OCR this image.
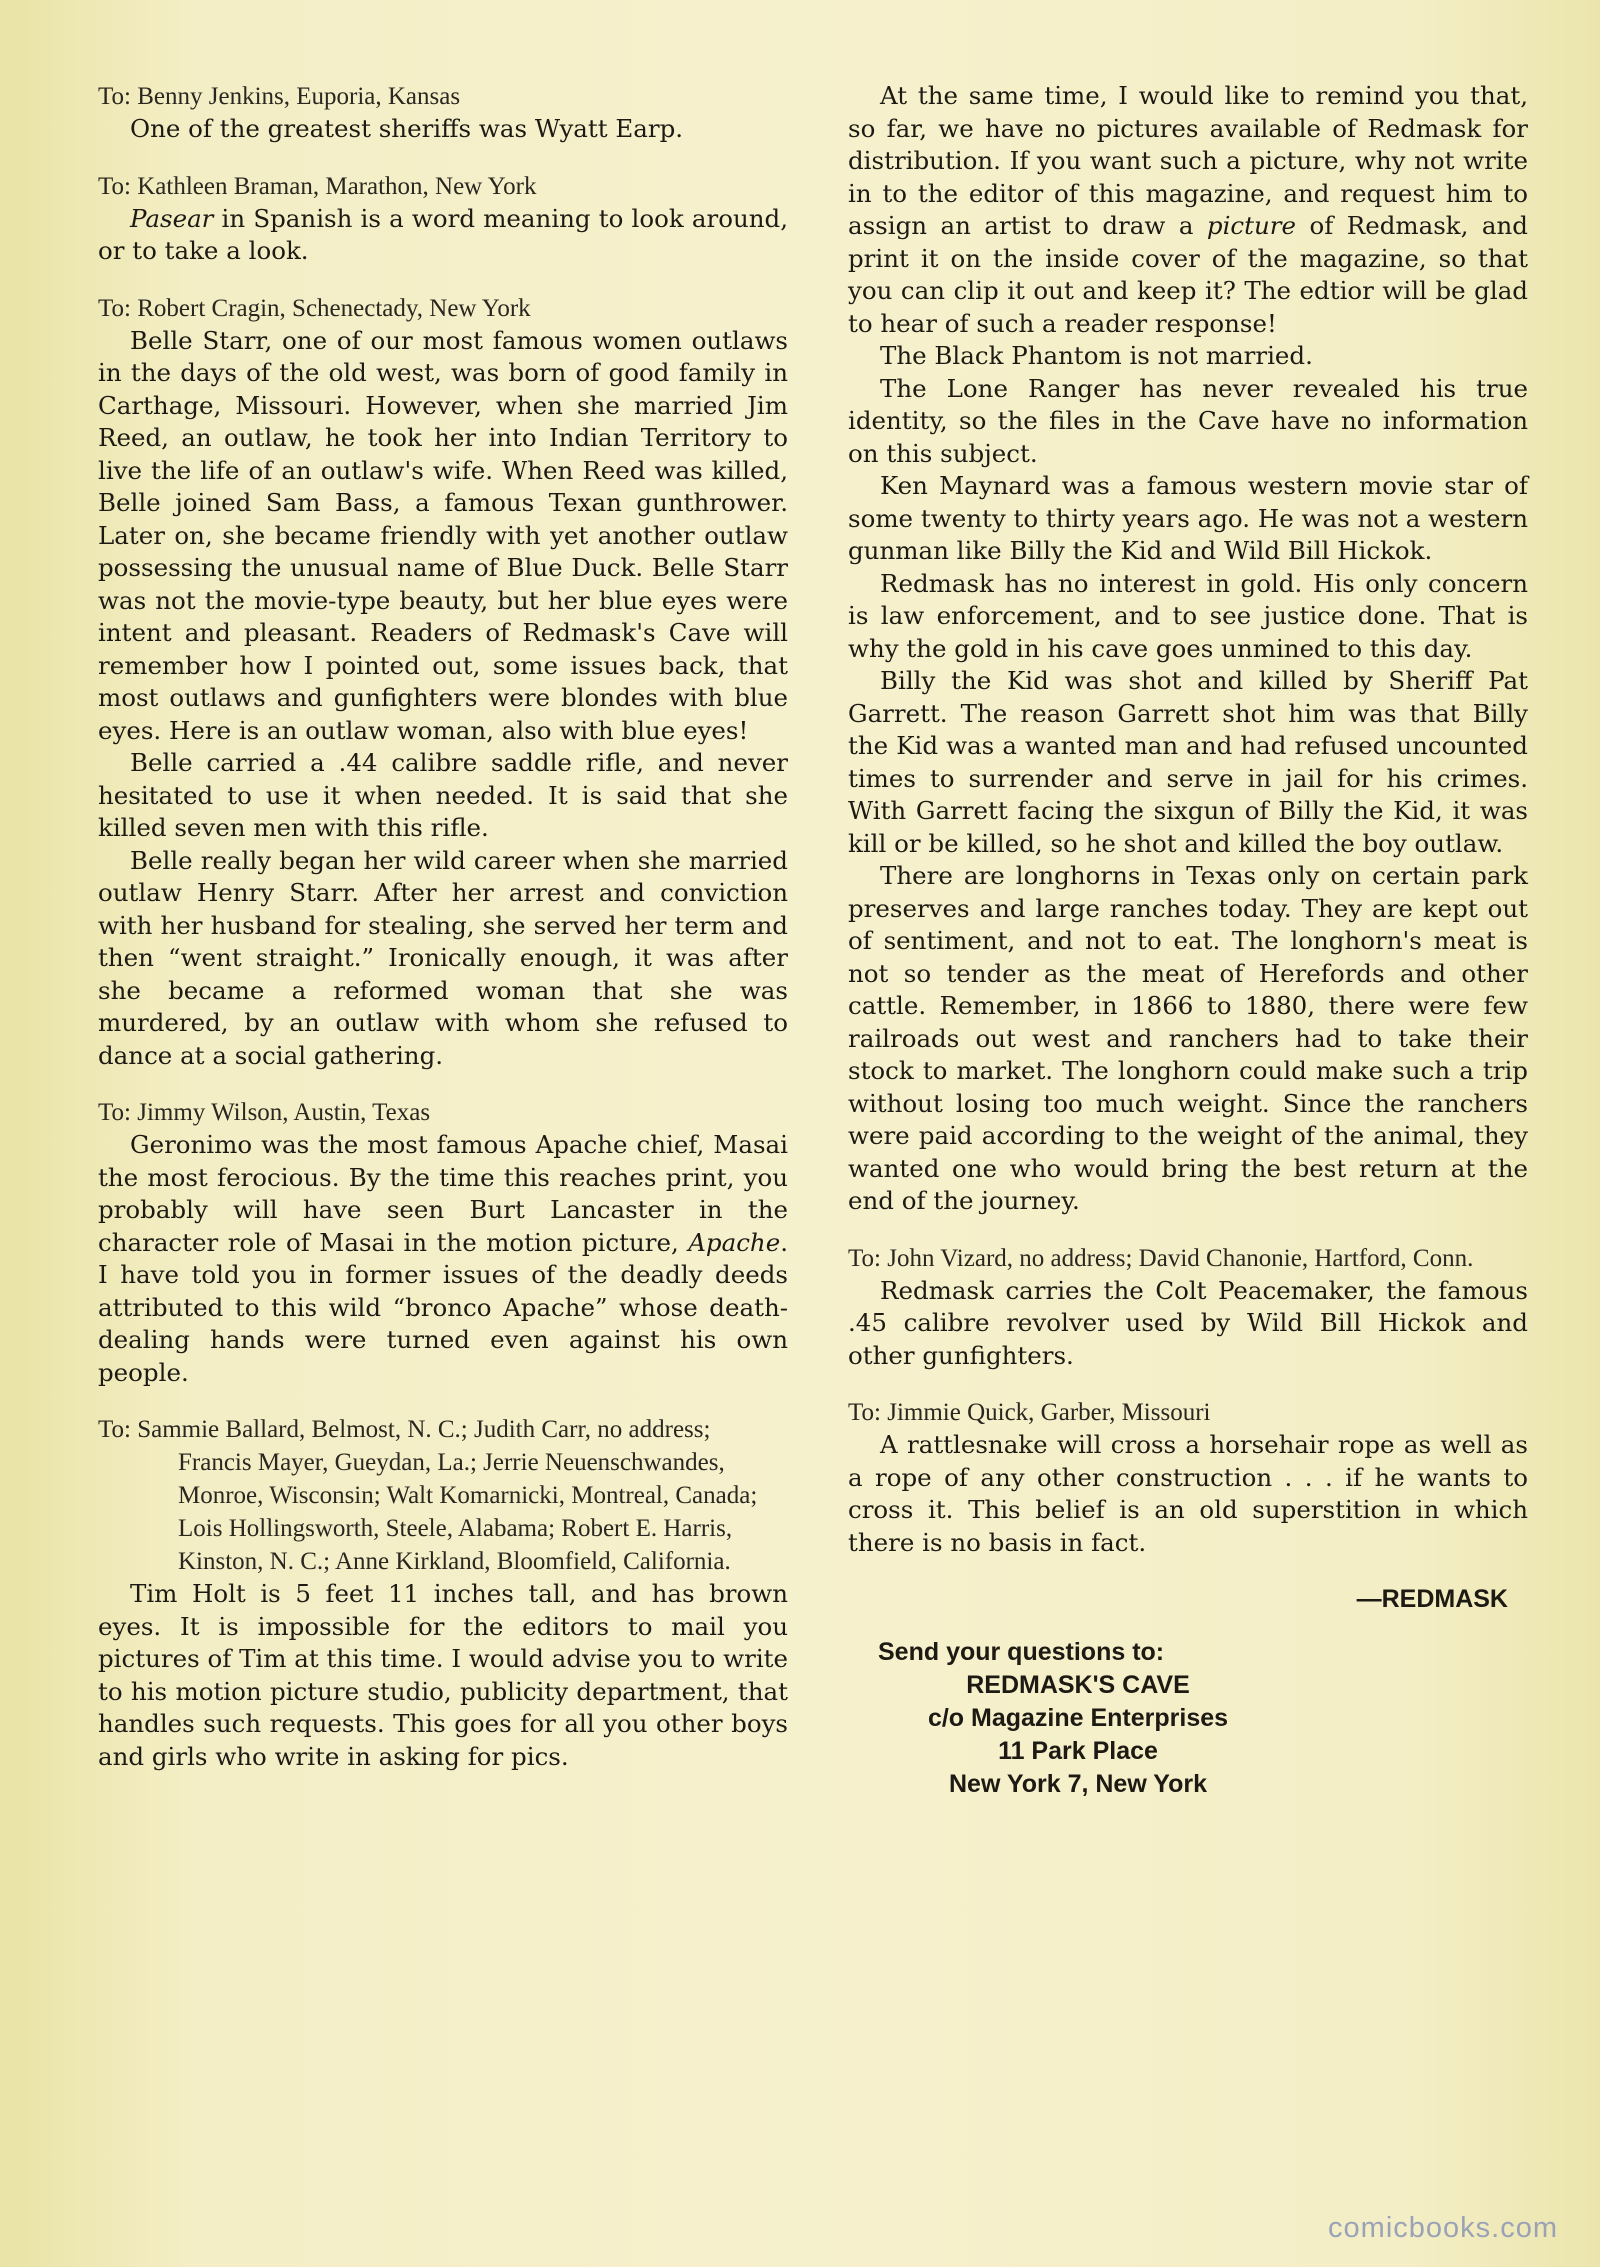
To: Benny Jenkins, Euporia, Kansas

One of the greatest sheriffs was Wyatt Earp.

To: Kathleen Braman, Marathon, New York

Pasear in Spanish is a word meaning to look around, or to take a look.

To: Robert Cragin, Schenectady, New York

Belle Starr, one of our most famous women outlaws in the days of the old west, was born of good family in Carthage, Missouri. However, when she married Jim Reed, an outlaw, he took her into Indian Territory to live the life of an outlaw's wife. When Reed was killed, Belle joined Sam Bass, a famous Texan gunthrower. Later on, she became friendly with yet another outlaw possessing the unusual name of Blue Duck. Belle Starr was not the movie-type beauty, but her blue eyes were intent and pleasant. Readers of Redmask's Cave will remember how I pointed out, some issues back, that most outlaws and gunfighters were blondes with blue eyes. Here is an outlaw woman, also with blue eyes!

Belle carried a .44 calibre saddle rifle, and never hesitated to use it when needed. It is said that she killed seven men with this rifle.

Belle really began her wild career when she married outlaw Henry Starr. After her arrest and conviction with her husband for stealing, she served her term and then “went straight.” Ironically enough, it was after she became a reformed woman that she was murdered, by an outlaw with whom she refused to dance at a social gathering.

To: Jimmy Wilson, Austin, Texas

Geronimo was the most famous Apache chief, Masai the most ferocious. By the time this reaches print, you probably will have seen Burt Lancaster in the character role of Masai in the motion picture, Apache. I have told you in former issues of the deadly deeds attributed to this wild “bronco Apache” whose death-dealing hands were turned even against his own people.

To: Sammie Ballard, Belmost, N. C.; Judith Carr, no address; Francis Mayer, Gueydan, La.; Jerrie Neuenschwandes, Monroe, Wisconsin; Walt Komarnicki, Montreal, Canada; Lois Hollingsworth, Steele, Alabama; Robert E. Harris, Kinston, N. C.; Anne Kirkland, Bloomfield, California.

Tim Holt is 5 feet 11 inches tall, and has brown eyes. It is impossible for the editors to mail you pictures of Tim at this time. I would advise you to write to his motion picture studio, publicity department, that handles such requests. This goes for all you other boys and girls who write in asking for pics.

At the same time, I would like to remind you that, so far, we have no pictures available of Redmask for distribution. If you want such a picture, why not write in to the editor of this magazine, and request him to assign an artist to draw a picture of Redmask, and print it on the inside cover of the magazine, so that you can clip it out and keep it? The edtior will be glad to hear of such a reader response!

The Black Phantom is not married.

The Lone Ranger has never revealed his true identity, so the files in the Cave have no information on this subject.

Ken Maynard was a famous western movie star of some twenty to thirty years ago. He was not a western gunman like Billy the Kid and Wild Bill Hickok.

Redmask has no interest in gold. His only concern is law enforcement, and to see justice done. That is why the gold in his cave goes unmined to this day.

Billy the Kid was shot and killed by Sheriff Pat Garrett. The reason Garrett shot him was that Billy the Kid was a wanted man and had refused uncounted times to surrender and serve in jail for his crimes. With Garrett facing the sixgun of Billy the Kid, it was kill or be killed, so he shot and killed the boy outlaw.

There are longhorns in Texas only on certain park preserves and large ranches today. They are kept out of sentiment, and not to eat. The longhorn's meat is not so tender as the meat of Herefords and other cattle. Remember, in 1866 to 1880, there were few railroads out west and ranchers had to take their stock to market. The longhorn could make such a trip without losing too much weight. Since the ranchers were paid according to the weight of the animal, they wanted one who would bring the best return at the end of the journey.

To: John Vizard, no address; David Chanonie, Hartford, Conn.

Redmask carries the Colt Peacemaker, the famous .45 calibre revolver used by Wild Bill Hickok and other gunfighters.

To: Jimmie Quick, Garber, Missouri

A rattlesnake will cross a horsehair rope as well as a rope of any other construction . . . if he wants to cross it. This belief is an old superstition in which there is no basis in fact.

—REDMASK
Send your questions to:
REDMASK'S CAVE
c/o Magazine Enterprises
11 Park Place
New York 7, New York
comicbooks.com
